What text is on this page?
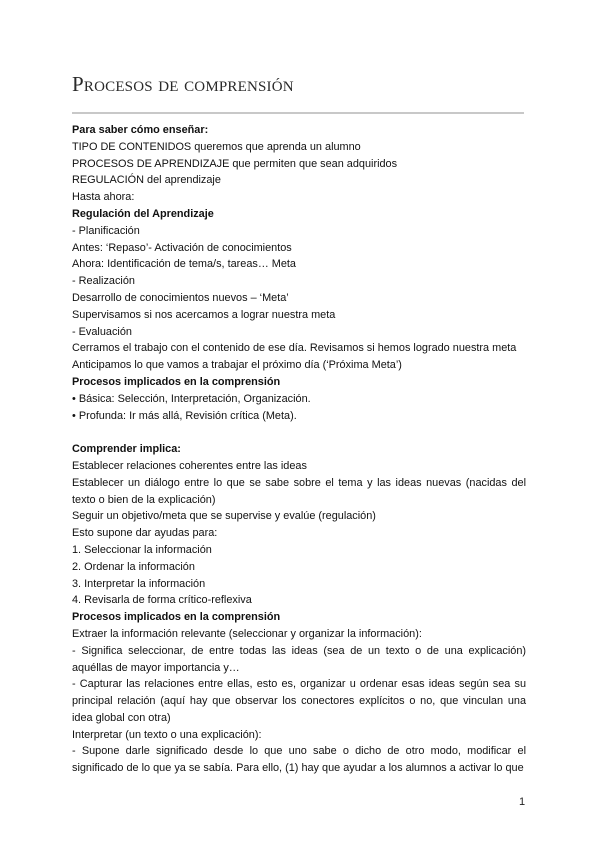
Procesos de comprensión
Para saber cómo enseñar:
TIPO DE CONTENIDOS queremos que aprenda un alumno
PROCESOS DE APRENDIZAJE que permiten que sean adquiridos
REGULACIÓN del aprendizaje
Hasta ahora:
Regulación del Aprendizaje
- Planificación
Antes: ‘Repaso’- Activación de conocimientos
Ahora: Identificación de tema/s, tareas… Meta
- Realización
Desarrollo de conocimientos nuevos – ‘Meta’
Supervisamos si nos acercamos a lograr nuestra meta
- Evaluación
Cerramos el trabajo con el contenido de ese día. Revisamos si hemos logrado nuestra meta
Anticipamos lo que vamos a trabajar el próximo día (‘Próxima Meta’)
Procesos implicados en la comprensión
• Básica: Selección, Interpretación, Organización.
• Profunda: Ir más allá, Revisión crítica (Meta).
Comprender implica:
Establecer relaciones coherentes entre las ideas
Establecer un diálogo entre lo que se sabe sobre el tema y las ideas nuevas (nacidas del texto o bien de la explicación)
Seguir un objetivo/meta que se supervise y evalúe (regulación)
Esto supone dar ayudas para:
1. Seleccionar la información
2. Ordenar la información
3. Interpretar la información
4. Revisarla de forma crítico-reflexiva
Procesos implicados en la comprensión
Extraer la información relevante (seleccionar y organizar la información):
- Significa seleccionar, de entre todas las ideas (sea de un texto o de una explicación) aquéllas de mayor importancia y…
- Capturar las relaciones entre ellas, esto es, organizar u ordenar esas ideas según sea su principal relación (aquí hay que observar los conectores explícitos o no, que vinculan una idea global con otra)
Interpretar (un texto o una explicación):
- Supone darle significado desde lo que uno sabe o dicho de otro modo, modificar el significado de lo que ya se sabía. Para ello, (1) hay que ayudar a los alumnos a activar lo que
1
